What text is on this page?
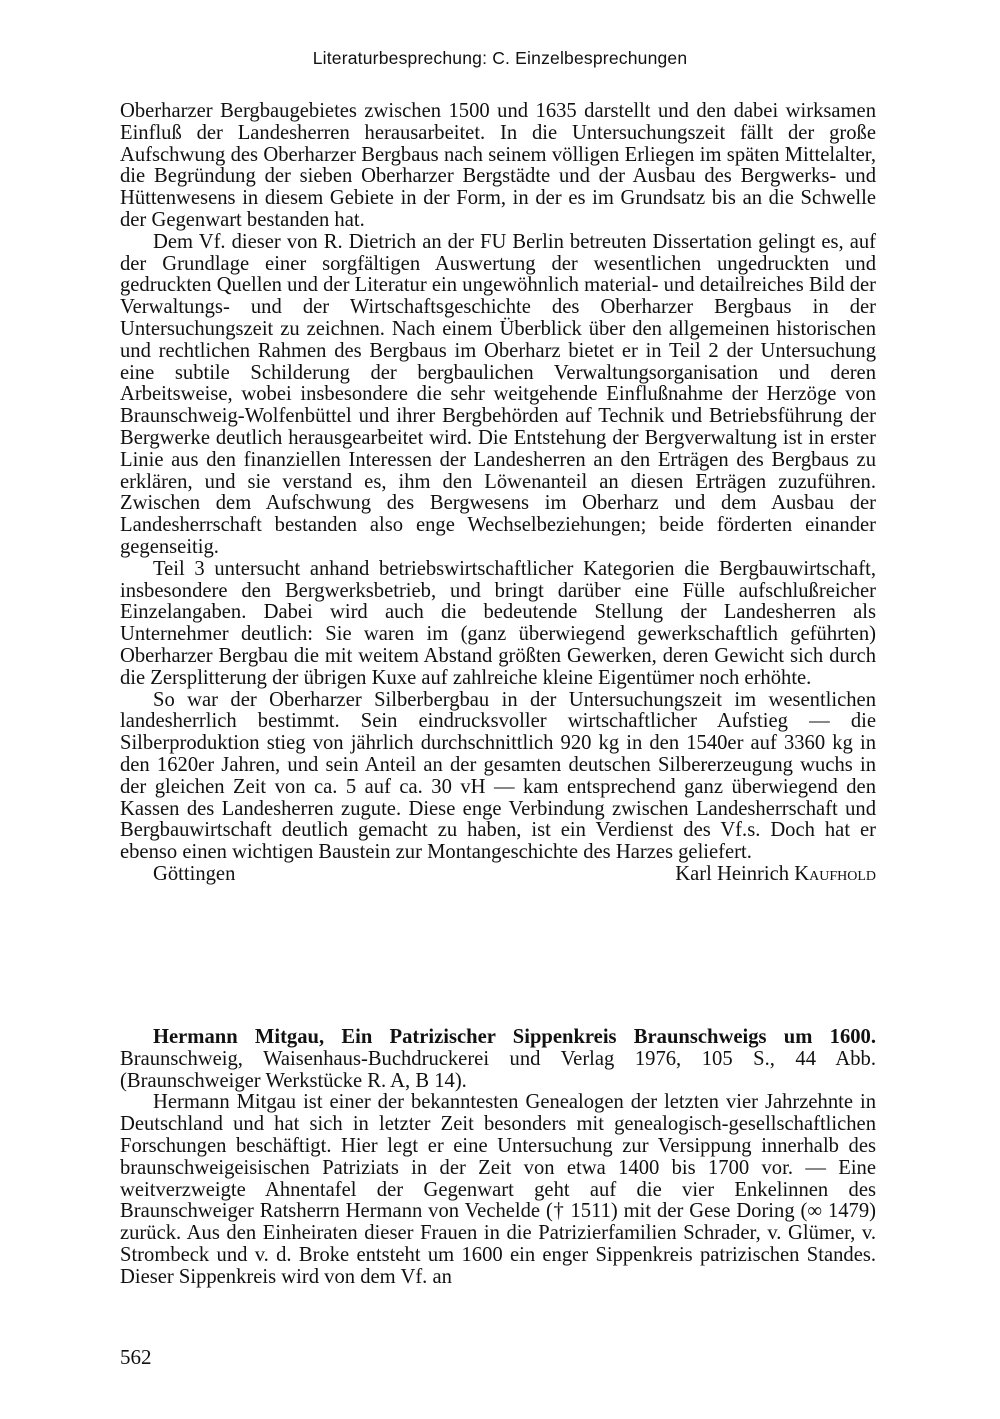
Literaturbesprechung: C. Einzelbesprechungen

Oberharzer Bergbaugebietes zwischen 1500 und 1635 darstellt und den dabei wirksamen Einfluß der Landesherren herausarbeitet. In die Untersuchungszeit fällt der große Aufschwung des Oberharzer Bergbaus nach seinem völligen Erliegen im späten Mittelalter, die Begründung der sieben Oberharzer Bergstädte und der Ausbau des Bergwerks- und Hüttenwesens in diesem Gebiete in der Form, in der es im Grundsatz bis an die Schwelle der Gegenwart bestanden hat.

Dem Vf. dieser von R. Dietrich an der FU Berlin betreuten Dissertation gelingt es, auf der Grundlage einer sorgfältigen Auswertung der wesentlichen ungedruckten und gedruckten Quellen und der Literatur ein ungewöhnlich material- und detailreiches Bild der Verwaltungs- und der Wirtschaftsgeschichte des Oberharzer Bergbaus in der Untersuchungszeit zu zeichnen. Nach einem Überblick über den allgemeinen historischen und rechtlichen Rahmen des Bergbaus im Oberharz bietet er in Teil 2 der Untersuchung eine subtile Schilderung der bergbaulichen Verwaltungsorganisation und deren Arbeitsweise, wobei insbesondere die sehr weitgehende Einflußnahme der Herzöge von Braunschweig-Wolfenbüttel und ihrer Bergbehörden auf Technik und Betriebsführung der Bergwerke deutlich herausgearbeitet wird. Die Entstehung der Bergverwaltung ist in erster Linie aus den finanziellen Interessen der Landesherren an den Erträgen des Bergbaus zu erklären, und sie verstand es, ihm den Löwenanteil an diesen Erträgen zuzuführen. Zwischen dem Aufschwung des Bergwesens im Oberharz und dem Ausbau der Landesherrschaft bestanden also enge Wechselbeziehungen; beide förderten einander gegenseitig.

Teil 3 untersucht anhand betriebswirtschaftlicher Kategorien die Bergbauwirtschaft, insbesondere den Bergwerksbetrieb, und bringt darüber eine Fülle aufschlußreicher Einzelangaben. Dabei wird auch die bedeutende Stellung der Landesherren als Unternehmer deutlich: Sie waren im (ganz überwiegend gewerkschaftlich geführten) Oberharzer Bergbau die mit weitem Abstand größten Gewerken, deren Gewicht sich durch die Zersplitterung der übrigen Kuxe auf zahlreiche kleine Eigentümer noch erhöhte.

So war der Oberharzer Silberbergbau in der Untersuchungszeit im wesentlichen landesherrlich bestimmt. Sein eindrucksvoller wirtschaftlicher Aufstieg — die Silberproduktion stieg von jährlich durchschnittlich 920 kg in den 1540er auf 3360 kg in den 1620er Jahren, und sein Anteil an der gesamten deutschen Silbererzeugung wuchs in der gleichen Zeit von ca. 5 auf ca. 30 vH — kam entsprechend ganz überwiegend den Kassen des Landesherren zugute. Diese enge Verbindung zwischen Landesherrschaft und Bergbauwirtschaft deutlich gemacht zu haben, ist ein Verdienst des Vf.s. Doch hat er ebenso einen wichtigen Baustein zur Montangeschichte des Harzes geliefert.

Göttingen	Karl Heinrich Kaufhold

Hermann Mitgau, Ein Patrizischer Sippenkreis Braunschweigs um 1600. Braunschweig, Waisenhaus-Buchdruckerei und Verlag 1976, 105 S., 44 Abb. (Braunschweiger Werkstücke R. A, B 14).

Hermann Mitgau ist einer der bekanntesten Genealogen der letzten vier Jahrzehnte in Deutschland und hat sich in letzter Zeit besonders mit genealogisch-gesellschaftlichen Forschungen beschäftigt. Hier legt er eine Untersuchung zur Versippung innerhalb des braunschweigeisischen Patriziats in der Zeit von etwa 1400 bis 1700 vor. — Eine weitverzweigte Ahnentafel der Gegenwart geht auf die vier Enkelinnen des Braunschweiger Ratsherrn Hermann von Vechelde († 1511) mit der Gese Doring (∞ 1479) zurück. Aus den Einheiraten dieser Frauen in die Patrizierfamilien Schrader, v. Glümer, v. Strombeck und v. d. Broke entsteht um 1600 ein enger Sippenkreis patrizischen Standes. Dieser Sippenkreis wird von dem Vf. an

562
